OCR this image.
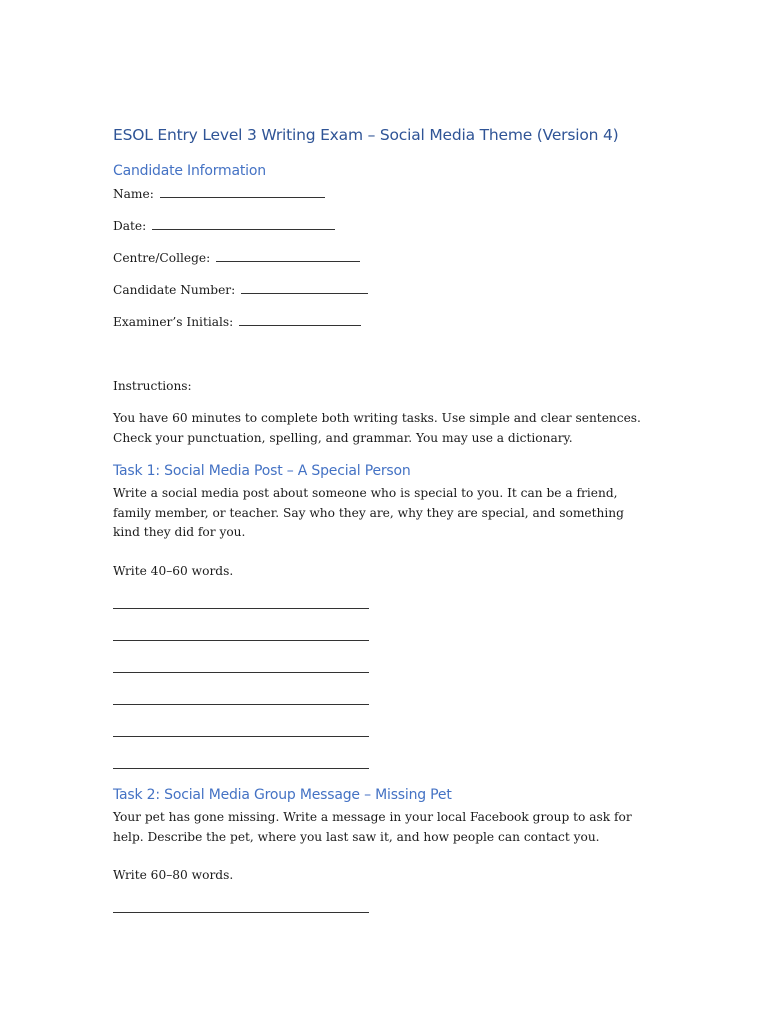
ESOL Entry Level 3 Writing Exam – Social Media Theme (Version 4)
Candidate Information
Name:
Date:
Centre/College:
Candidate Number:
Examiner’s Initials:
Instructions:
You have 60 minutes to complete both writing tasks. Use simple and clear sentences. Check your punctuation, spelling, and grammar. You may use a dictionary.
Task 1: Social Media Post – A Special Person
Write a social media post about someone who is special to you. It can be a friend, family member, or teacher. Say who they are, why they are special, and something kind they did for you.
Write 40–60 words.
Task 2: Social Media Group Message – Missing Pet
Your pet has gone missing. Write a message in your local Facebook group to ask for help. Describe the pet, where you last saw it, and how people can contact you.
Write 60–80 words.
